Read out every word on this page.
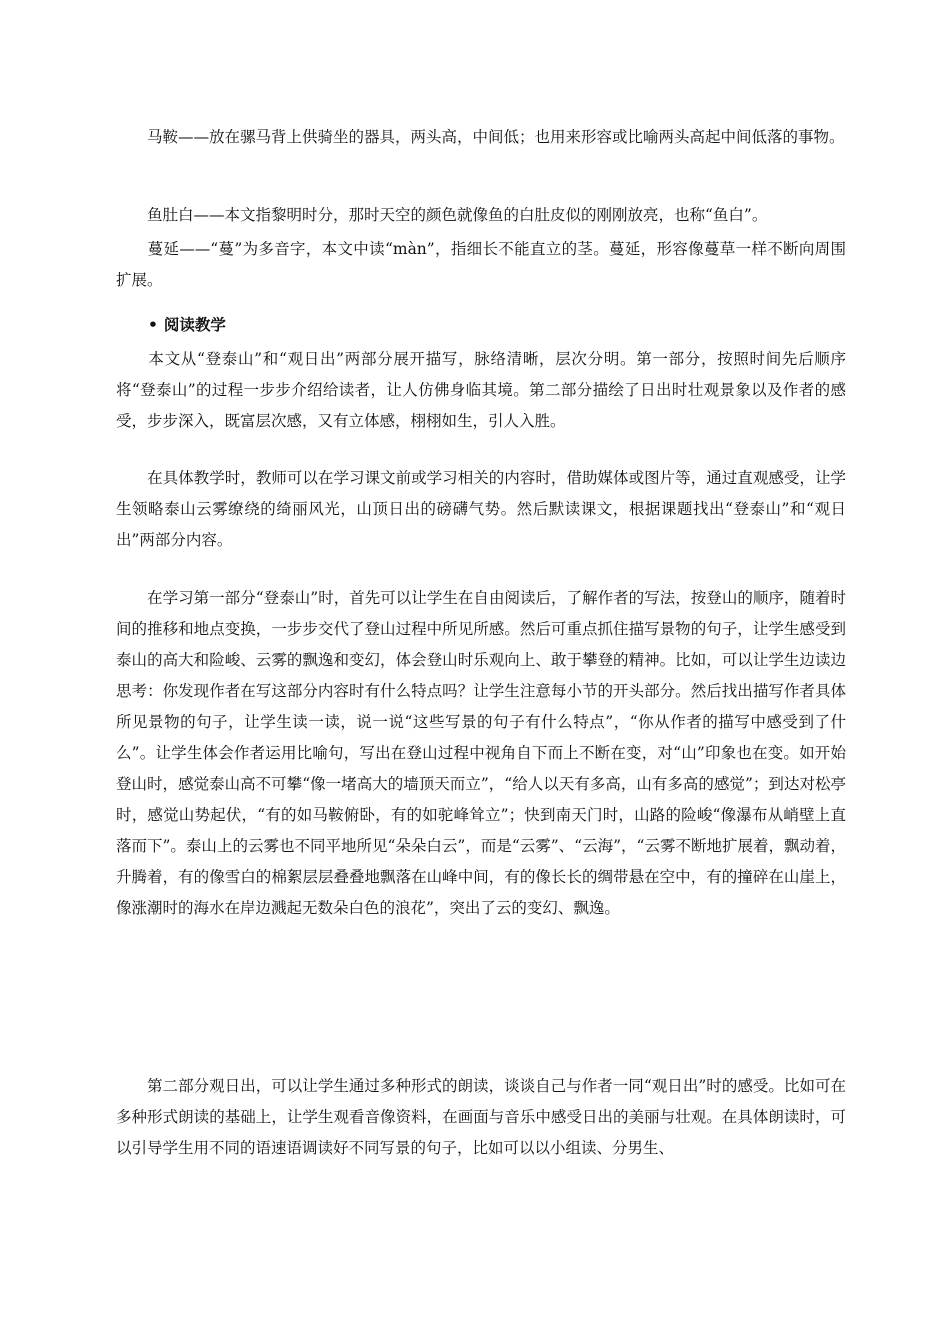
　　马鞍——放在骡马背上供骑坐的器具，两头高，中间低；也用来形容或比喻两头高起中间低落的事物。

　　鱼肚白——本文指黎明时分，那时天空的颜色就像鱼的白肚皮似的刚刚放亮，也称“鱼白”。

　　蔓延——“蔓”为多音字，本文中读“màn”，指细长不能直立的茎。蔓延，形容像蔓草一样不断向周围扩展。

• 阅读教学

　　本文从“登泰山”和“观日出”两部分展开描写，脉络清晰，层次分明。第一部分，按照时间先后顺序将“登泰山”的过程一步步介绍给读者，让人仿佛身临其境。第二部分描绘了日出时壮观景象以及作者的感受，步步深入，既富层次感，又有立体感，栩栩如生，引人入胜。

　　在具体教学时，教师可以在学习课文前或学习相关的内容时，借助媒体或图片等，通过直观感受，让学生领略泰山云雾缭绕的绮丽风光，山顶日出的磅礴气势。然后默读课文，根据课题找出“登泰山”和“观日出”两部分内容。

　　在学习第一部分“登泰山”时，首先可以让学生在自由阅读后，了解作者的写法，按登山的顺序，随着时间的推移和地点变换，一步步交代了登山过程中所见所感。然后可重点抓住描写景物的句子，让学生感受到泰山的高大和险峻、云雾的飘逸和变幻，体会登山时乐观向上、敢于攀登的精神。比如，可以让学生边读边思考：你发现作者在写这部分内容时有什么特点吗？让学生注意每小节的开头部分。然后找出描写作者具体所见景物的句子，让学生读一读，说一说“这些写景的句子有什么特点”，“你从作者的描写中感受到了什么”。让学生体会作者运用比喻句，写出在登山过程中视角自下而上不断在变，对“山”印象也在变。如开始登山时，感觉泰山高不可攀“像一堵高大的墙顶天而立”，“给人以天有多高，山有多高的感觉”；到达对松亭时，感觉山势起伏，“有的如马鞍俯卧，有的如驼峰耸立”；快到南天门时，山路的险峻“像瀑布从峭壁上直落而下”。泰山上的云雾也不同平地所见“朵朵白云”，而是“云雾”、“云海”，“云雾不断地扩展着，飘动着，升腾着，有的像雪白的棉絮层层叠叠地飘落在山峰中间，有的像长长的绸带悬在空中，有的撞碎在山崖上，像涨潮时的海水在岸边溅起无数朵白色的浪花”，突出了云的变幻、飘逸。

　　第二部分观日出，可以让学生通过多种形式的朗读，谈谈自己与作者一同“观日出”时的感受。比如可在多种形式朗读的基础上，让学生观看音像资料，在画面与音乐中感受日出的美丽与壮观。在具体朗读时，可以引导学生用不同的语速语调读好不同写景的句子，比如可以以小组读、分男生、
